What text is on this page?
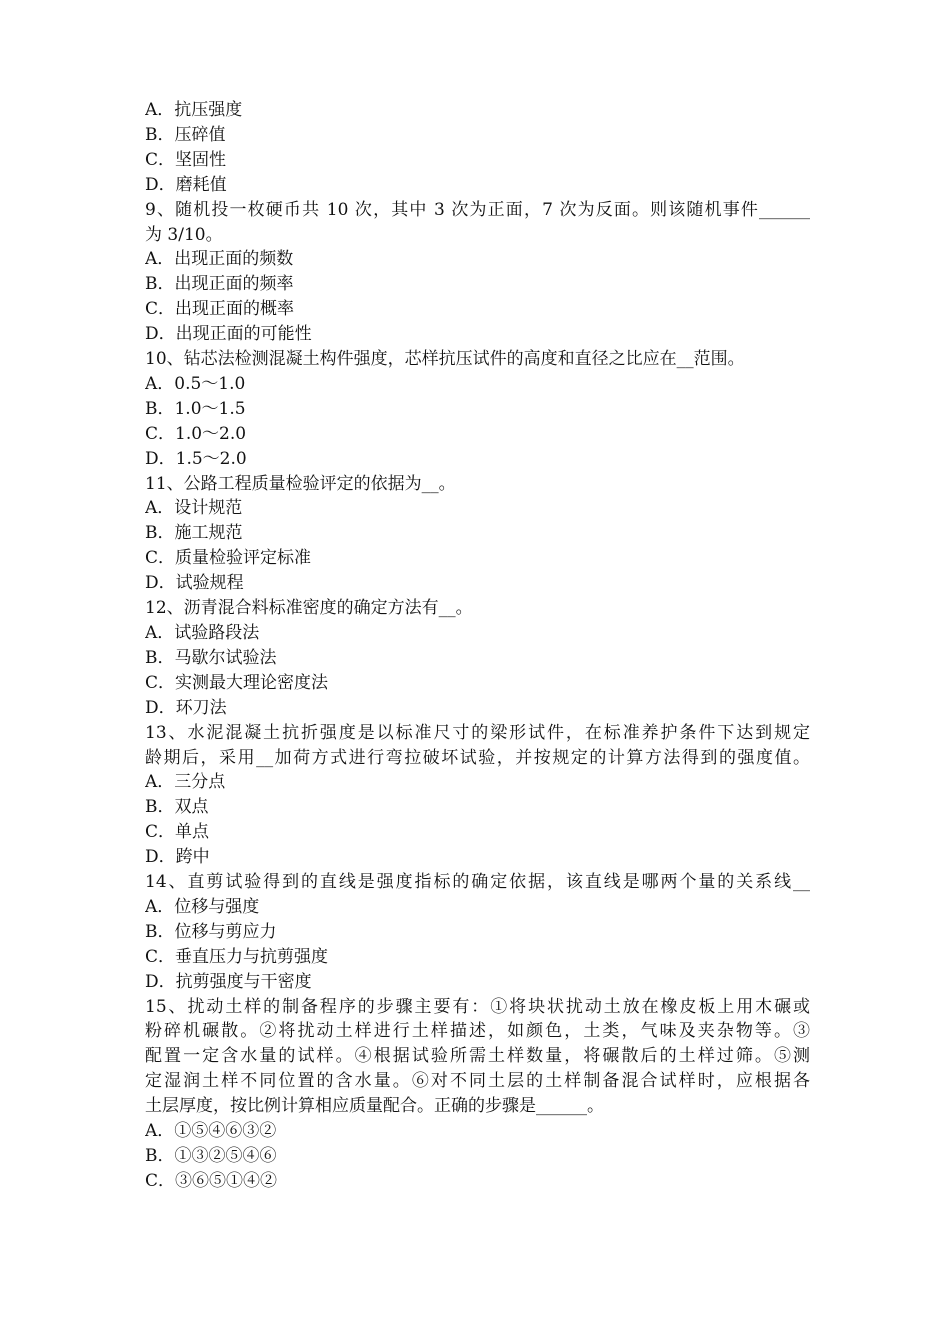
A．抗压强度
B．压碎值
C．坚固性
D．磨耗值
9、随机投一枚硬币共 10 次，其中 3 次为正面，7 次为反面。则该随机事件______
为 3/10。
A．出现正面的频数
B．出现正面的频率
C．出现正面的概率
D．出现正面的可能性
10、钻芯法检测混凝土构件强度，芯样抗压试件的高度和直径之比应在__范围。
A．0.5～1.0
B．1.0～1.5
C．1.0～2.0
D．1.5～2.0
11、公路工程质量检验评定的依据为__。
A．设计规范
B．施工规范
C．质量检验评定标准
D．试验规程
12、沥青混合料标准密度的确定方法有__。
A．试验路段法
B．马歇尔试验法
C．实测最大理论密度法
D．环刀法
13、水泥混凝土抗折强度是以标准尺寸的梁形试件，在标准养护条件下达到规定
龄期后，采用__加荷方式进行弯拉破坏试验，并按规定的计算方法得到的强度值。
A．三分点
B．双点
C．单点
D．跨中
14、直剪试验得到的直线是强度指标的确定依据，该直线是哪两个量的关系线__
A．位移与强度
B．位移与剪应力
C．垂直压力与抗剪强度
D．抗剪强度与干密度
15、扰动土样的制备程序的步骤主要有：①将块状扰动土放在橡皮板上用木碾或
粉碎机碾散。②将扰动土样进行土样描述，如颜色，土类，气味及夹杂物等。③
配置一定含水量的试样。④根据试验所需土样数量，将碾散后的土样过筛。⑤测
定湿润土样不同位置的含水量。⑥对不同土层的土样制备混合试样时，应根据各
土层厚度，按比例计算相应质量配合。正确的步骤是______。
A．①⑤④⑥③②
B．①③②⑤④⑥
C．③⑥⑤①④②
